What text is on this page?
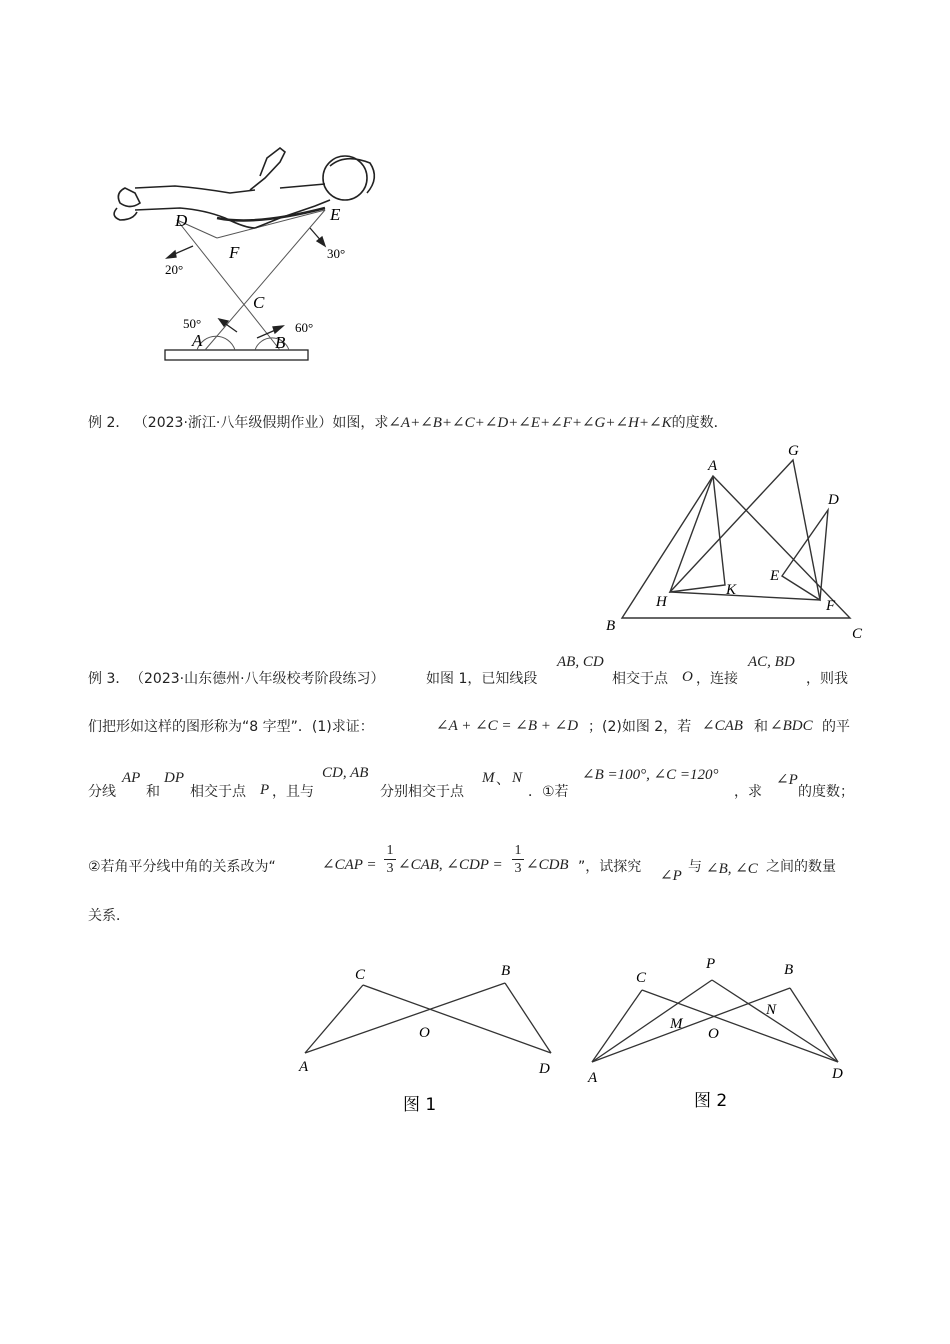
D	E
F
C
A	B
20°
30°
50°	60°
例 2． （2023·浙江·八年级假期作业）如图，求∠A+∠B+∠C+∠D+∠E+∠F+∠G+∠H+∠K的度数．
A
G
D
E
K
H	F
B	C
例 3． （2023·山东德州·八年级校考阶段练习）	如图 1，已知线段
AB, CD
相交于点 O ，连接
AC, BD
，则我
们把形如这样的图形称为“8 字型”．(1)求证：	∠A + ∠C = ∠B + ∠D ；(2)如图 2，若 ∠CAB 和 ∠BDC 的平
分线
AP
和
DP
相交于点 P ，且与
CD, AB
分别相交于点
M 、 N
．①若
∠B =100°, ∠C =120°
，求
∠P
的度数；
②若角平分线中角的关系改为“	∠CAP = $\frac{1}{3}$ ∠CAB, ∠CDP = $\frac{1}{3}$ ∠CDB ”，试探究
∠P
与 ∠B, ∠C 之间的数量
关系．
C	B
O
A	D
图 1
C
P	B
M
N
O
A	D
图 2
